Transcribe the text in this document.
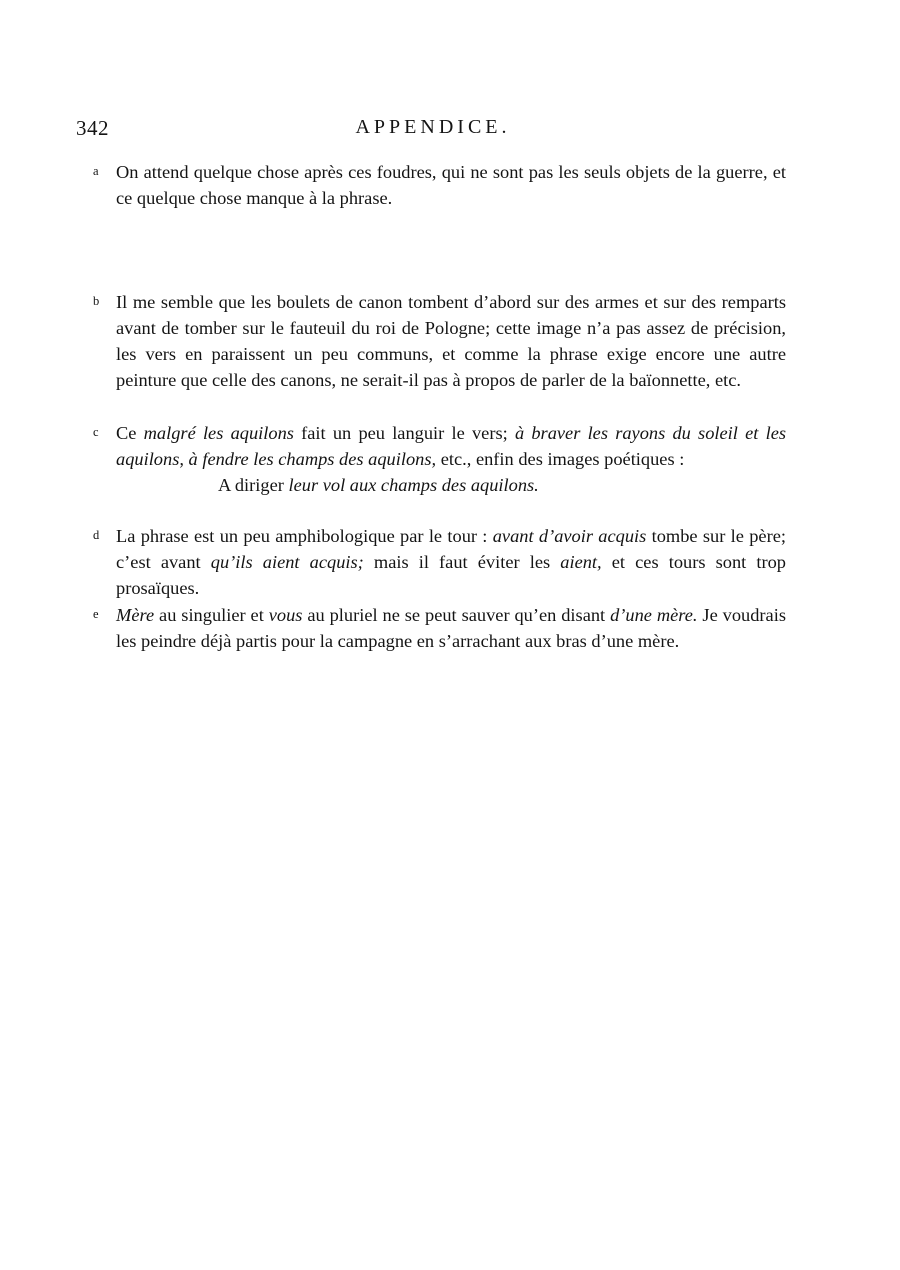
342	APPENDICE.
a On attend quelque chose après ces foudres, qui ne sont pas les seuls objets de la guerre, et ce quelque chose manque à la phrase.
b Il me semble que les boulets de canon tombent d’abord sur des armes et sur des remparts avant de tomber sur le fauteuil du roi de Pologne; cette image n’a pas assez de précision, les vers en paraissent un peu communs, et comme la phrase exige encore une autre peinture que celle des canons, ne serait-il pas à propos de parler de la baïonnette, etc.
c Ce malgré les aquilons fait un peu languir le vers; à braver les rayons du soleil et les aquilons, à fendre les champs des aquilons, etc., enfin des images poétiques :
A diriger leur vol aux champs des aquilons.
d La phrase est un peu amphibologique par le tour : avant d’avoir acquis tombe sur le père; c’est avant qu’ils aient acquis; mais il faut éviter les aient, et ces tours sont trop prosaïques.
e Mère au singulier et vous au pluriel ne se peut sauver qu’en disant d’une mère. Je voudrais les peindre déjà partis pour la campagne en s’arrachant aux bras d’une mère.
